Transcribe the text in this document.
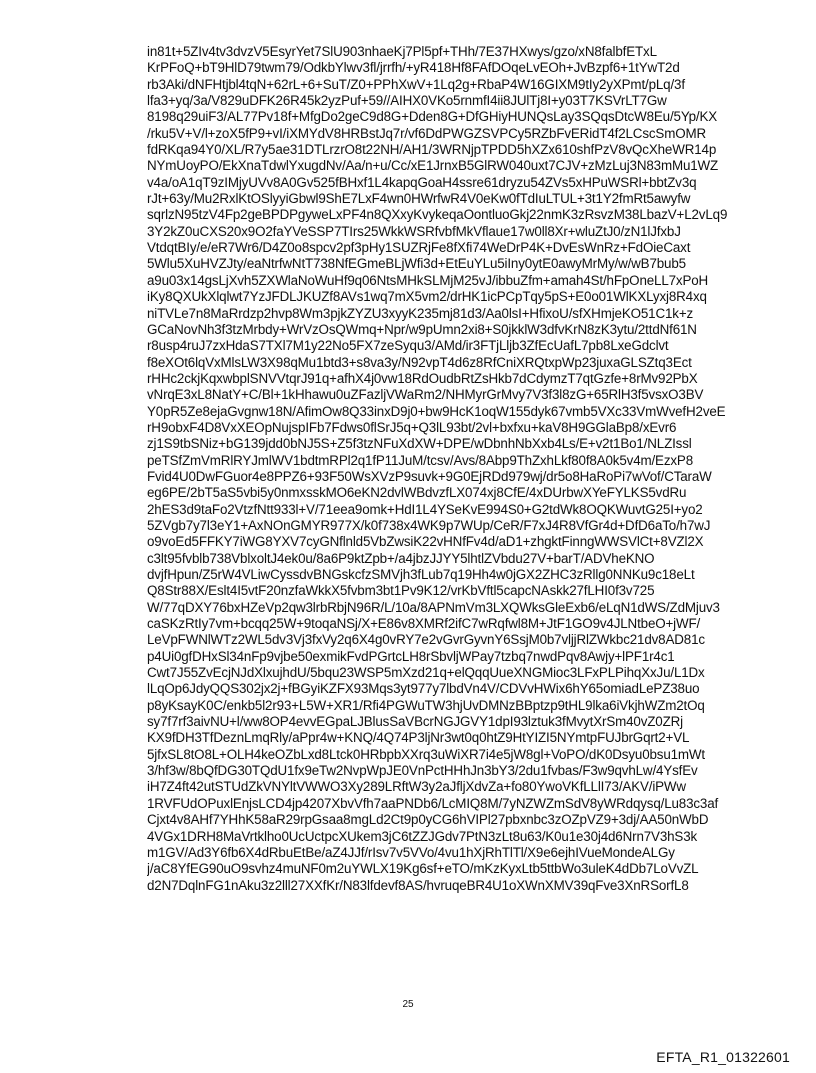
in81t+5ZIv4tv3dvzV5EsyrYet7SlU903nhaeKj7Pl5pf+THh/7E37HXwys/gzo/xN8falbfETxL
KrPFoQ+bT9HlD79twm79/OdkbYlwv3fl/jrrfh/+yR418Hf8FAfDOqeLvEOh+JvBzpf6+1tYwT2d
rb3Aki/dNFHtjbl4tqN+62rL+6+SuT/Z0+PPhXwV+1Lq2g+RbaP4W16GIXM9tIy2yXPmt/pLq/3f
lfa3+yq/3a/V829uDFK26R45k2yzPuf+59//AIHX0VKo5rnmfI4ii8JUlTj8I+y03T7KSVrLT7Gw
8198q29uiF3/AL77Pv18f+MfgDo2geC9d8G+Dden8G+DfGHiyHUNQsLay3SQqsDtcW8Eu/5Yp/KX
/rku5V+V/l+zoX5fP9+vI/iXMYdV8HRBstJq7r/vf6DdPWGZSVPCy5RZbFvERidT4f2LCscSmOMR
fdRKqa94Y0/XL/R7y5ae31DTLrzrO8t22NH/AH1/3WRNjpTPDD5hXZx610shfPzV8vQcXheWR14p
NYmUoyPO/EkXnaTdwlYxugdNv/Aa/n+u/Cc/xE1JrnxB5GlRW040uxt7CJV+zMzLuj3N83mMu1WZ
v4a/oA1qT9zIMjyUVv8A0Gv525fBHxf1L4kapqGoaH4ssre61dryzu54ZVs5xHPuWSRl+bbtZv3q
rJt+63y/Mu2RxlKtOSlyyiGbwl9ShE7LxF4wn0HWrfwR4V0eKw0fTdIuLTUL+3t1Y2fmRt5awyfw
sqrlzN95tzV4Fp2geBPDPgyweLxPF4n8QXxyKvykeqaOontluoGkj22nmK3zRsvzM38LbazV+L2vLq9
3Y2kZ0uCXS20x9O2faYVeSSP7TIrs25WkkWSRfvbfMkVflaue17w0ll8Xr+wluZtJ0/zN1lJfxbJ
VtdqtBIy/e/eR7Wr6/D4Z0o8spcv2pf3pHy1SUZRjFe8fXfi74WeDrP4K+DvEsWnRz+FdOieCaxt
5Wlu5XuHVZJty/eaNtrfwNtT738NfEGmeBLjWfi3d+EtEuYLu5iIny0ytE0awyMrMy/w/wB7bub5
a9u03x14gsLjXvh5ZXWlaNoWuHf9q06NtsMHkSLMjM25vJ/ibbuZfm+amah4St/hFpOneLL7xPoH
iKy8QXUkXlqlwt7YzJFDLJKUZf8AVs1wq7mX5vm2/drHK1icPCpTqy5pS+E0o01WlKXLyxj8R4xq
niTVLe7n8MaRrdzp2hvp8Wm3pjkZYZU3xyyK235mj81d3/Aa0lsI+HfixoU/sfXHmjeKO51C1k+z
GCaNovNh3f3tzMrbdy+WrVzOsQWmq+Npr/w9pUmn2xi8+S0jkklW3dfvKrN8zK3ytu/2ttdNf61N
r8usp4ruJ7zxHdaS7TXl7M1y22No5FX7zeSyqu3/AMd/ir3FTjLljb3ZfEcUafL7pb8LxeGdclvt
f8eXOt6lqVxMlsLW3X98qMu1btd3+s8va3y/N92vpT4d6z8RfCniXRQtxpWp23juxaGLSZtq3Ect
rHHc2ckjKqxwbplSNVVtqrJ91q+afhX4j0vw18RdOudbRtZsHkb7dCdymzT7qtGzfe+8rMv92PbX
vNrqE3xL8NatY+C/Bl+1kHhawu0uZFazljVWaRm2/NHMyrGrMvy7V3f3l8zG+65RlH3f5vsxO3BV
Y0pR5Ze8ejaGvgnw18N/AfimOw8Q33inxD9j0+bw9HcK1oqW155dyk67vmb5VXc33VmWvefH2veE
rH9obxF4D8VxXEOpNujspIFb7Fdws0flSrJ5q+Q3lL93bt/2vl+bxfxu+kaV8H9GGlaBp8/xEvr6
zj1S9tbSNiz+bG139jdd0bNJ5S+Z5f3tzNFuXdXW+DPE/wDbnhNbXxb4Ls/E+v2t1Bo1/NLZIssl
peTSfZmVmRlRYJmlWV1bdtmRPl2q1fP11JuM/tcsv/Avs/8Abp9ThZxhLkf80f8A0k5v4m/EzxP8
Fvid4U0DwFGuor4e8PPZ6+93F50WsXVzP9suvk+9G0EjRDd979wj/dr5o8HaRoPi7wVof/CTaraW
eg6PE/2bT5aS5vbi5y0nmxsskMO6eKN2dvlWBdvzfLX074xj8CfE/4xDUrbwXYeFYLKS5vdRu
2hES3d9taFo2VtzfNtt933l+V/71eea9omk+HdI1L4YSeKvE994S0+G2tdWk8OQKWuvtG25I+yo2
5ZVgb7y7l3eY1+AxNOnGMYR977X/k0f738x4WK9p7WUp/CeR/F7xJ4R8VfGr4d+DfD6aTo/h7wJ
o9voEd5FFKY7iWG8YXV7cyGNflnld5VbZwsiK22vHNfFv4d/aD1+zhgktFinngWWSVlCt+8VZl2X
c3lt95fvblb738VblxoltJ4ek0u/8a6P9ktZpb+/a4jbzJJYY5lhtlZVbdu27V+barT/ADVheKNO
dvjfHpun/Z5rW4VLiwCyssdvBNGskcfzSMVjh3fLub7q19Hh4w0jGX2ZHC3zRllg0NNKu9c18eLt
Q8Str88X/Eslt4I5vtF20nzfaWkkX5fvbm3bt1Pv9K12/vrKbVftl5capcNAskk27fLHI0f3v725
W/77qDXY76bxHZeVp2qw3lrbRbjN96R/L/10a/8APNmVm3LXQWksGleExb6/eLqN1dWS/ZdMjuv3
caSKzRtIy7vm+bcqq25W+9toqaNSj/X+E86v8XMRf2ifC7wRqfwl8M+JtF1GO9v4JLNtbeO+jWF/
LeVpFWNlWTz2WL5dv3Vj3fxVy2q6X4g0vRY7e2vGvrGyvnY6SsjM0b7vljjRlZWkbc21dv8AD81c
p4Ui0gfDHxSl34nFp9vjbe50exmikFvdPGrtcLH8rSbvljWPay7tzbq7nwdPqv8Awjy+lPF1r4c1
Cwt7J55ZvEcjNJdXlxujhdU/5bqu23WSP5mXzd21q+elQqqUueXNGMioc3LFxPLPihqXxJu/L1Dx
lLqOp6JdyQQS302jx2j+fBGyiKZFX93Mqs3yt977y7lbdVn4V/CDVvHWix6hY65omiadLePZ38uo
p8yKsayK0C/enkb5l2r93+L5W+XR1/Rfi4PGWuTW3hjUvDMNzBBptzp9tHL9lka6iVkjhWZm2tOq
sy7f7rf3aivNU+l/ww8OP4evvEGpaLJBlusSaVBcrNGJGVY1dpI93lztuk3fMvytXrSm40vZ0ZRj
KX9fDH3TfDeznLmqRly/aPpr4w+KNQ/4Q74P3ljNr3wt0q0htZ9HtYIZI5NYmtpFUJbrGqrt2+VL
5jfxSL8tO8L+OLH4keOZbLxd8Ltck0HRbpbXXrq3uWiXR7i4e5jW8gl+VoPO/dK0Dsyu0bsu1mWt
3/hf3w/8bQfDG30TQdU1fx9eTw2NvpWpJE0VnPctHHhJn3bY3/2du1fvbas/F3w9qvhLw/4YsfEv
iH7Z4ft42utSTUdZkVNYltVWWO3Xy289LRftW3y2aJfljXdvZa+fo80YwoVKfLLlI73/AKV/iPWw
1RVFUdOPuxlEnjsLCD4jp4207XbvVfh7aaPNDb6/LcMIQ8M/7yNZWZmSdV8yWRdqysq/Lu83c3af
Cjxt4v8AHf7YHhK58aR29rpGsaa8mgLd2Ct9p0yCG6hVIPl27pbxnbc3zOZpVZ9+3dj/AA50nWbD
4VGx1DRH8MaVrtklho0UcUctpcXUkem3jC6tZZJGdv7PtN3zLt8u63/K0u1e30j4d6Nrn7V3hS3k
m1GV/Ad3Y6fb6X4dRbuEtBe/aZ4JJf/rIsv7v5VVo/4vu1hXjRhTlTl/X9e6ejhIVueMondeALGy
j/aC8YfEG90uO9svhz4muNF0m2uYWLX19Kg6sf+eTO/mKzKyxLtb5ttbWo3uleK4dDb7LoVvZL
d2N7DqlnFG1nAku3z2lll27XXfKr/N83lfdevf8AS/hvruqeBR4U1oXWnXMV39qFve3XnRSorfL8
25
EFTA_R1_01322601
